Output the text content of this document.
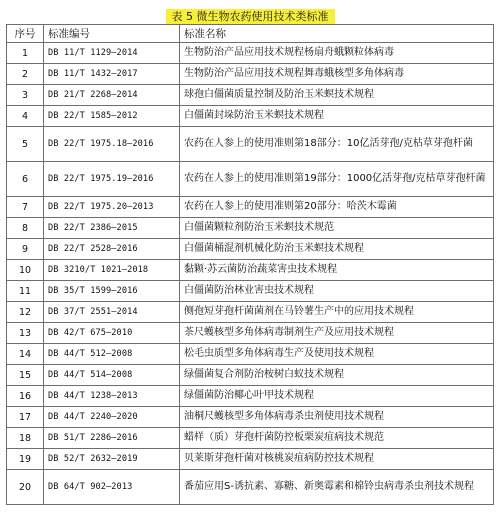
表 5 微生物农药使用技术类标准
序号	标准编号	标准名称
1	DB 11/T 1129—2014	生物防治产品应用技术规程杨扇舟蛾颗粒体病毒
2	DB 11/T 1432—2017	生物防治产品应用技术规程舞毒蛾核型多角体病毒
3	DB 21/T 2268—2014	球孢白僵菌质量控制及防治玉米螟技术规程
4	DB 22/T 1585—2012	白僵菌封垛防治玉米螟技术规程
5	DB 22/T 1975.18—2016	农药在人参上的使用准则第18部分：10亿活芽孢/克枯草芽孢杆菌
6	DB 22/T 1975.19—2016	农药在人参上的使用准则第19部分：1000亿活芽孢/克枯草芽孢杆菌
7	DB 22/T 1975.20—2013	农药在人参上的使用准则第20部分：哈茨木霉菌
8	DB 22/T 2386—2015	白僵菌颗粒剂防治玉米螟技术规范
9	DB 22/T 2528—2016	白僵菌桶混剂机械化防治玉米螟技术规程
10	DB 3210/T 1021—2018	黏颗·苏云菌防治蔬菜害虫技术规程
11	DB 35/T 1599—2016	白僵菌防治林业害虫技术规程
12	DB 37/T 2551—2014	侧孢短芽孢杆菌菌剂在马铃薯生产中的应用技术规程
13	DB 42/T 675—2010	茶尺蠖核型多角体病毒制剂生产及应用技术规程
14	DB 44/T 512—2008	松毛虫质型多角体病毒生产及使用技术规程
15	DB 44/T 514—2008	绿僵菌复合剂防治桉树白蚁技术规程
16	DB 44/T 1238—2013	绿僵菌防治椰心叶甲技术规程
17	DB 44/T 2240—2020	油桐尺蠖核型多角体病毒杀虫剂使用技术规程
18	DB 51/T 2286—2016	蜡样（质）芽孢杆菌防控板栗炭疽病技术规范
19	DB 52/T 2632—2019	贝莱斯芽孢杆菌对核桃炭疽病防控技术规程
20	DB 64/T 902—2013	番茄应用S-诱抗素、寡糖、新奥霉素和棉铃虫病毒杀虫剂技术规程
